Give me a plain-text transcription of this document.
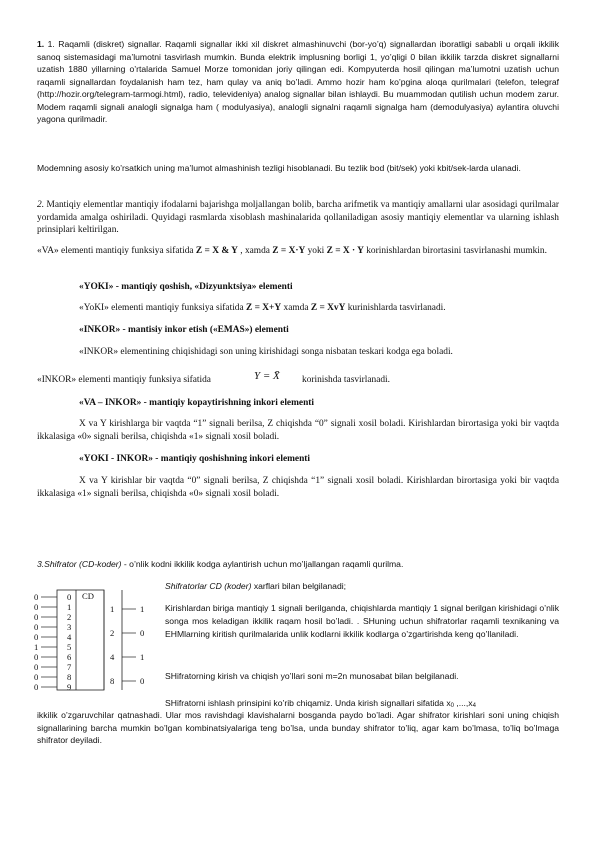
1. 1. Raqamli (diskret) signallar. Raqamli signallar ikki xil diskret almashinuvchi (bor-yo’q) signallardan iboratligi sababli u orqali ikkilik sanoq sistemasidagi ma’lumotni tasvirlash mumkin. Bunda elektrik implusning borligi 1, yo’qligi 0 bilan ikkilik tarzda diskret signallarni uzatish 1880 yillarning o’rtalarida Samuel Morze tomonidan joriy qilingan edi. Kompyuterda hosil qilingan ma’lumotni uzatish uchun raqamli signallardan foydalanish ham tez, ham qulay va aniq bo’ladi. Ammo hozir ham ko’pgina aloqa qurilmalari (telefon, telegraf (http://hozir.org/telegram-tarmogi.html), radio, televideniya) analog signallar bilan ishlaydi. Bu muammodan qutilish uchun modem zarur. Modem raqamli signali analogli signalga ham ( modulyasiya), analogli signalni raqamli signalga ham (demodulyasiya) aylantira oluvchi yagona qurilmadir.
Modemning asosiy ko’rsatkich uning ma’lumot almashinish tezligi hisoblanadi. Bu tezlik bod (bit/sek) yoki kbit/sek-larda ulanadi.
2. Mantiqiy elementlar mantiqiy ifodalarni bajarishga moljallangan bolib, barcha arifmetik va mantiqiy amallarni ular asosidagi qurilmalar yordamida amalga oshiriladi. Quyidagi rasmlarda xisoblash mashinalarida qollaniladigan asosiy mantiqiy elementlar va ularning ishlash prinsiplari keltirilgan.
«VA» elementi mantiqiy funksiya sifatida Z = X & Y , xamda Z = X·Y yoki Z = X · Y korinishlardan birortasini tasvirlanashi mumkin.
«YOKI» - mantiqiy qoshish, «Dizyunktsiya» elementi
«YoKI» elementi mantiqiy funksiya sifatida Z = X+Y xamda Z = XvY kurinishlarda tasvirlanadi.
«INKOR» - mantisiy inkor etish («EMAS») elementi
«INKOR» elementining chiqishidagi son uning kirishidagi songa nisbatan teskari kodga ega boladi.
«INKOR» elementi mantiqiy funksiya sifatida	Y = X̄	korinishda tasvirlanadi.
«VA – INKOR» - mantiqiy kopaytirishning inkori elementi
X va Y kirishlarga bir vaqtda “1” signali berilsa, Z chiqishda “0” signali xosil boladi. Kirishlardan birortasiga yoki bir vaqtda ikkalasiga «0» signali berilsa, chiqishda «1» signali xosil boladi.
«YOKI - INKOR» - mantiqiy qoshishning inkori elementi
X va Y kirishlar bir vaqtda “0” signali berilsa, Z chiqishda “1” signali xosil boladi. Kirishlardan birortasiga yoki bir vaqtda ikkalasiga «1» signali berilsa, chiqishda «0» signali xosil boladi.
3.Shifrator (CD-koder) - o’nlik kodni ikkilik kodga aylantirish uchun mo’ljallangan raqamli qurilma.
CD
0	0
0	1
0	2
0	3
0	4
1	5
0	6
0	7
0	8
0	9
1	1
2	0
4	1
8	0
Shifratorlar CD (koder) xarflari bilan belgilanadi;
Kirishlardan biriga mantiqiy 1 signali berilganda, chiqishlarda mantiqiy 1 signal berilgan kirishidagi o’nlik songa mos keladigan ikkilik raqam hosil bo’ladi. . SHuning uchun shifratorlar raqamli texnikaning va EHMlarning kiritish qurilmalarida unlik kodlarni ikkilik kodlarga o’zgartirishda keng qo’llaniladi.
SHifratorning kirish va chiqish yo’llari soni m=2n munosabat bilan belgilanadi.
SHifratorni ishlash prinsipini ko’rib chiqamiz. Unda kirish signallari sifatida x0 ,...,x4
ikkilik o’zgaruvchilar qatnashadi. Ular mos ravishdagi klavishalarni bosganda paydo bo’ladi. Agar shifrator kirishlari soni uning chiqish signallarining barcha mumkin bo’lgan kombinatsiyalariga teng bo’lsa, unda bunday shifrator to’liq, agar kam bo’lmasa, to’liq bo’lmaga shifrator deyiladi.
